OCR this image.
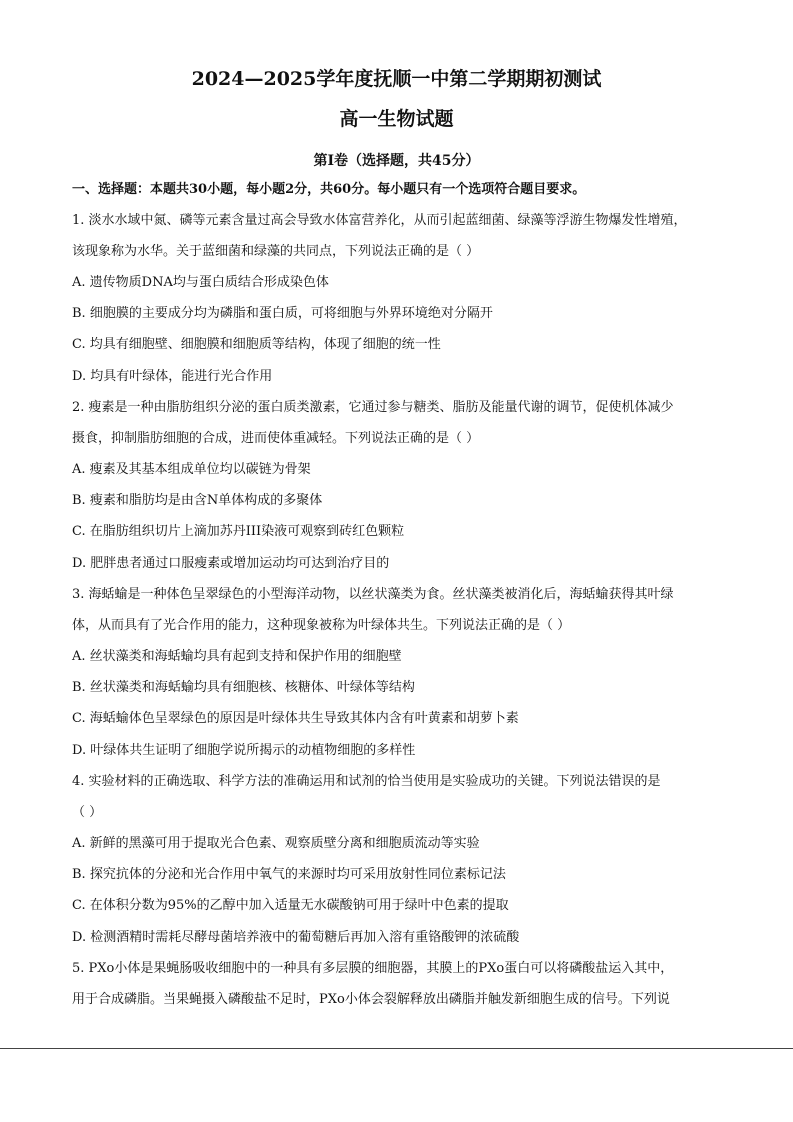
2024—2025学年度抚顺一中第二学期期初测试
高一生物试题
第I卷（选择题，共45分）
一、选择题：本题共30小题，每小题2分，共60分。每小题只有一个选项符合题目要求。
1. 淡水水域中氮、磷等元素含量过高会导致水体富营养化，从而引起蓝细菌、绿藻等浮游生物爆发性增殖，
该现象称为水华。关于蓝细菌和绿藻的共同点，下列说法正确的是（ ）
A. 遗传物质DNA均与蛋白质结合形成染色体
B. 细胞膜的主要成分均为磷脂和蛋白质，可将细胞与外界环境绝对分隔开
C. 均具有细胞壁、细胞膜和细胞质等结构，体现了细胞的统一性
D. 均具有叶绿体，能进行光合作用
2. 瘦素是一种由脂肪组织分泌的蛋白质类激素，它通过参与糖类、脂肪及能量代谢的调节，促使机体减少
摄食，抑制脂肪细胞的合成，进而使体重减轻。下列说法正确的是（ ）
A. 瘦素及其基本组成单位均以碳链为骨架
B. 瘦素和脂肪均是由含N单体构成的多聚体
C. 在脂肪组织切片上滴加苏丹III染液可观察到砖红色颗粒
D. 肥胖患者通过口服瘦素或增加运动均可达到治疗目的
3. 海蛞蝓是一种体色呈翠绿色的小型海洋动物，以丝状藻类为食。丝状藻类被消化后，海蛞蝓获得其叶绿
体，从而具有了光合作用的能力，这种现象被称为叶绿体共生。下列说法正确的是（ ）
A. 丝状藻类和海蛞蝓均具有起到支持和保护作用的细胞壁
B. 丝状藻类和海蛞蝓均具有细胞核、核糖体、叶绿体等结构
C. 海蛞蝓体色呈翠绿色的原因是叶绿体共生导致其体内含有叶黄素和胡萝卜素
D. 叶绿体共生证明了细胞学说所揭示的动植物细胞的多样性
4. 实验材料的正确选取、科学方法的准确运用和试剂的恰当使用是实验成功的关键。下列说法错误的是
（ ）
A. 新鲜的黑藻可用于提取光合色素、观察质壁分离和细胞质流动等实验
B. 探究抗体的分泌和光合作用中氧气的来源时均可采用放射性同位素标记法
C. 在体积分数为95%的乙醇中加入适量无水碳酸钠可用于绿叶中色素的提取
D. 检测酒精时需耗尽酵母菌培养液中的葡萄糖后再加入溶有重铬酸钾的浓硫酸
5. PXo小体是果蝇肠吸收细胞中的一种具有多层膜的细胞器，其膜上的PXo蛋白可以将磷酸盐运入其中，
用于合成磷脂。当果蝇摄入磷酸盐不足时，PXo小体会裂解释放出磷脂并触发新细胞生成的信号。下列说
